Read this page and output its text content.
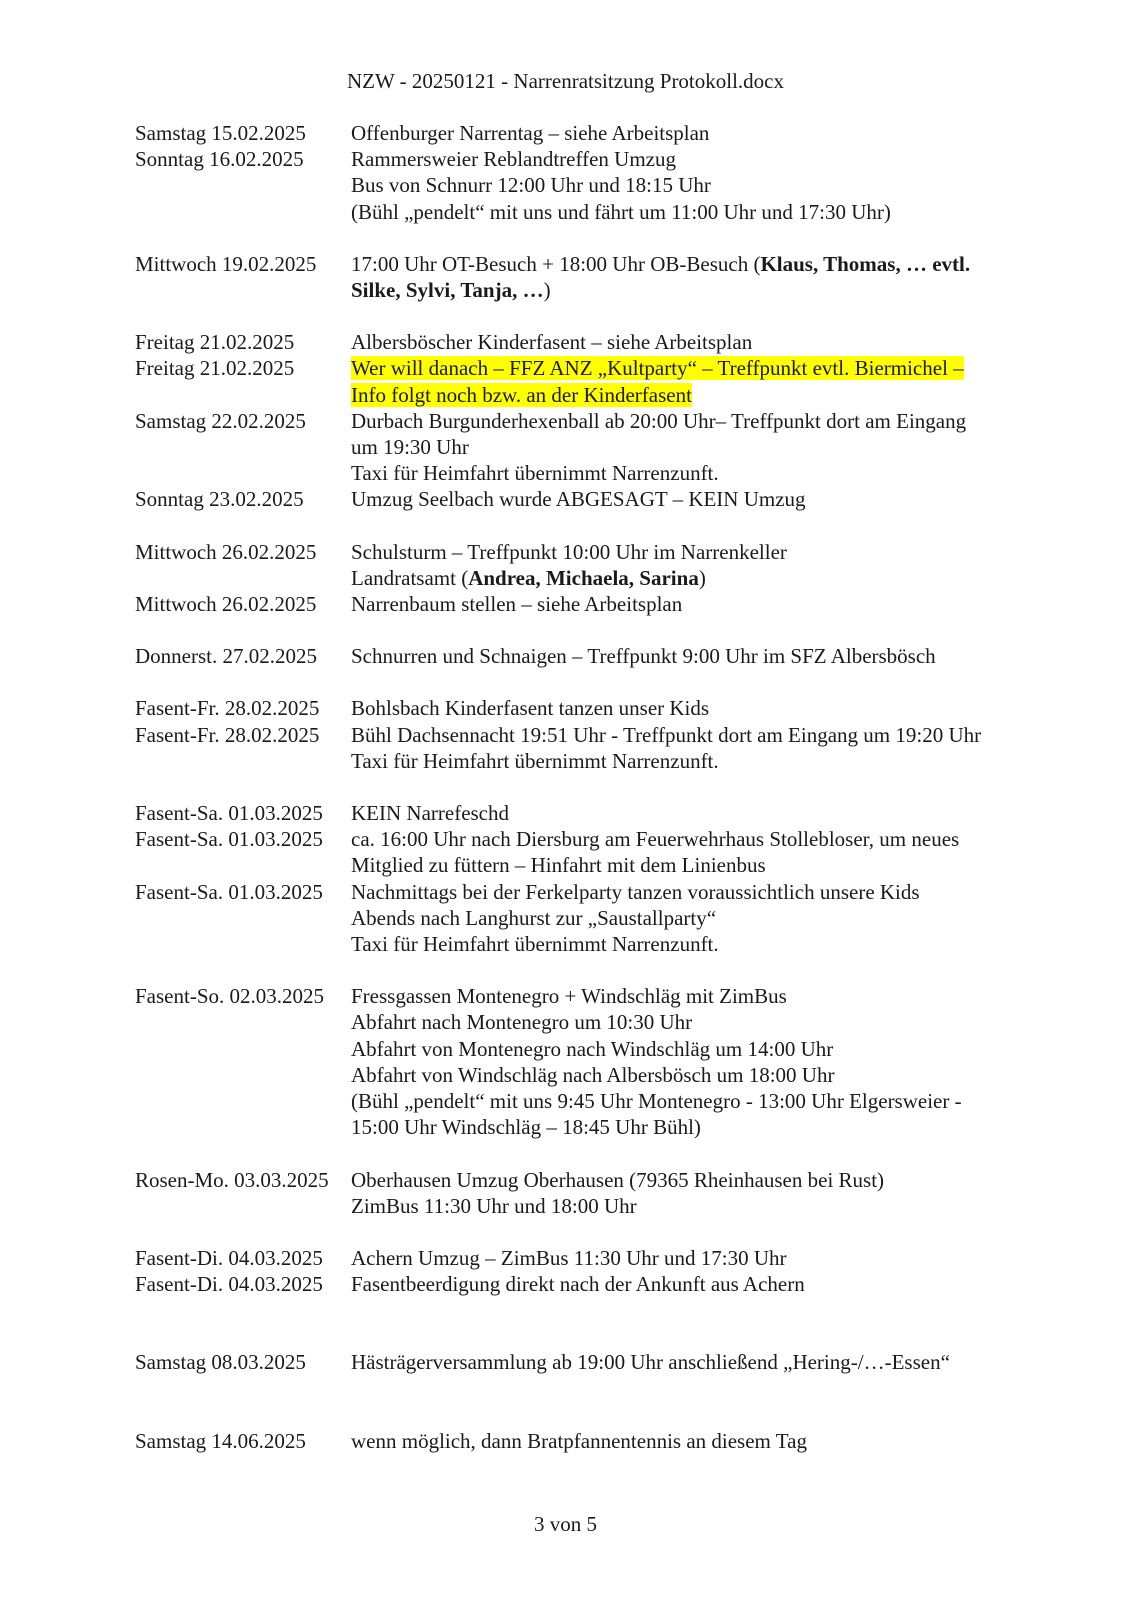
NZW - 20250121 - Narrenratsitzung Protokoll.docx
Samstag 15.02.2025	Offenburger Narrentag – siehe Arbeitsplan
Sonntag 16.02.2025	Rammersweier Reblandtreffen Umzug
Bus von Schnurr 12:00 Uhr und 18:15 Uhr
(Bühl „pendelt“ mit uns und fährt um 11:00 Uhr und 17:30 Uhr)
Mittwoch 19.02.2025	17:00 Uhr OT-Besuch + 18:00 Uhr OB-Besuch (Klaus, Thomas, … evtl.
Silke, Sylvi, Tanja, …)
Freitag 21.02.2025	Albersböscher Kinderfasent – siehe Arbeitsplan
Freitag 21.02.2025	Wer will danach – FFZ ANZ „Kultparty“ – Treffpunkt evtl. Biermichel –
Info folgt noch bzw. an der Kinderfasent
Samstag 22.02.2025	Durbach Burgunderhexenball ab 20:00 Uhr– Treffpunkt dort am Eingang
um 19:30 Uhr
Taxi für Heimfahrt übernimmt Narrenzunft.
Sonntag 23.02.2025	Umzug Seelbach wurde ABGESAGT – KEIN Umzug
Mittwoch 26.02.2025	Schulsturm – Treffpunkt 10:00 Uhr im Narrenkeller
Landratsamt (Andrea, Michaela, Sarina)
Mittwoch 26.02.2025	Narrenbaum stellen – siehe Arbeitsplan
Donnerst. 27.02.2025	Schnurren und Schnaigen – Treffpunkt 9:00 Uhr im SFZ Albersbösch
Fasent-Fr. 28.02.2025	Bohlsbach Kinderfasent tanzen unser Kids
Fasent-Fr. 28.02.2025	Bühl Dachsennacht 19:51 Uhr - Treffpunkt dort am Eingang um 19:20 Uhr
Taxi für Heimfahrt übernimmt Narrenzunft.
Fasent-Sa. 01.03.2025	KEIN Narrefeschd
Fasent-Sa. 01.03.2025	ca. 16:00 Uhr nach Diersburg am Feuerwehrhaus Stollebloser, um neues
Mitglied zu füttern – Hinfahrt mit dem Linienbus
Fasent-Sa. 01.03.2025	Nachmittags bei der Ferkelparty tanzen voraussichtlich unsere Kids
Abends nach Langhurst zur „Saustallparty“
Taxi für Heimfahrt übernimmt Narrenzunft.
Fasent-So. 02.03.2025	Fressgassen Montenegro + Windschläg mit ZimBus
Abfahrt nach Montenegro um 10:30 Uhr
Abfahrt von Montenegro nach Windschläg um 14:00 Uhr
Abfahrt von Windschläg nach Albersbösch um 18:00 Uhr
(Bühl „pendelt“ mit uns 9:45 Uhr Montenegro - 13:00 Uhr Elgersweier -
15:00 Uhr Windschläg – 18:45 Uhr Bühl)
Rosen-Mo. 03.03.2025	Oberhausen Umzug Oberhausen (79365 Rheinhausen bei Rust)
ZimBus 11:30 Uhr und 18:00 Uhr
Fasent-Di. 04.03.2025	Achern Umzug – ZimBus 11:30 Uhr und 17:30 Uhr
Fasent-Di. 04.03.2025	Fasentbeerdigung direkt nach der Ankunft aus Achern
Samstag 08.03.2025	Hästrägerversammlung ab 19:00 Uhr anschließend „Hering-/…-Essen“
Samstag 14.06.2025	wenn möglich, dann Bratpfannentennis an diesem Tag
3 von 5
